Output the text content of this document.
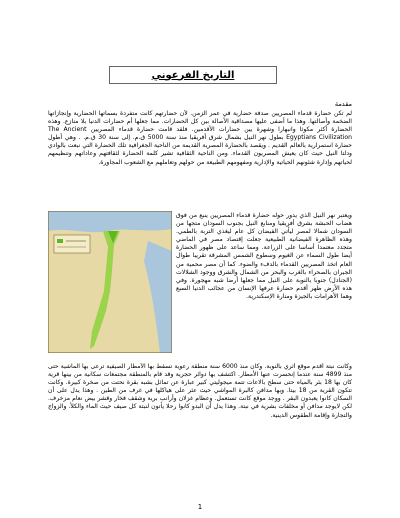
التاريخ الفرعوني

مقدمة

لم تكن حضارة قدماء المصريين صدفة حضارية في عمر الزمن. لأن حضارتهم كانت متفردة بسماتها الحضارية وإنجازاتها الضخمة وأصالتها. وهذا ما أضفى عليها مصداقية الأصالة بين كل الحضارات. مما جعلها أم حضارات الدنيا بلا منازع. وهذه الحضارة أكثر مكوثا وانبهارا وشهرة بين حضارات الأقدمين. فلقد قامت حضارة قدماء المصريين The Ancient Egyptians Civilization بطول نهر النيل بشمال شرق أفريقيا منذ سنة 5000 ق.م. إلى سنة 30 ق.م. . وهي أطول حضارة استمرارية بالعالم القديم . ويقصد بالحضارة المصرية القديمة من الناحية الجغرافية تلك الحضارة التي نبعت بالوادي ودلتا النيل حيث كان يعيش المصريون القدماء. ومن الناحية الثقافية تشير كلمة الحضارة لثقافتهم وعاداتهم وتنظيمهم لحياتهم وإدارة شئونهم الحياتية والإدارية ومفهومهم الطبيعة من حولهم وتعاملهم مع الشعوب المجاورة.

ويعتبر نهر النيل الذي يدور حوله حضارة قدماء المصريين ينبع من فوق هضاب الحبشة بشرق أفريقيا ومنابع النيل بجنوب السودان متجها من السودان شمالا لمصر ليأتي الفيضان كل عام ليغذي التربة بالطمي. وهذه الظاهرة الفيضانية الطبيعية جعلت إقتصاد مصر في الماضي متجدد معتمدا أساسا على الزراعة. ومما ساعد على ظهور الحضارة أيضا طول السماء عن الغيوم وسطوع الشمس المشرقة تقريبا طوال العام اتخذ المصريين القدماء بالدفء والضوء. كما أن مصر محمية من الجيران بالصحراء بالغرب والبحر من الشمال والشرق ووجود الشلالات (الجنادل) جنوبا بالنوبة على النيل مما جعلها أرضا شبه مهجورة. وفي هذه الأرض ظهر أقدم حضارة عرفها الإنسان من عجائب الدنيا السبع وهما الأهرامات بالجيزة ومنارة الإسكندرية.

وكانت نبتة أقدم موقع أثري بالنوبة. وكان منذ 6000 سنة منطقة رعوية تسقط بها الأمطار الصيفية ترعى بها الماشية حتى منذ 4899 سنة عندما إنحسرت عنها الأمطار. اكتشف بها دوائر حجرية وقد قام بالمنطقة مجتمعات سكانية من بينها قرية كان بها 18 بئر بالمياه حتى سطح بالاعات تتمة ميجوليتي كبير عبارة عن تماثل بشبه بقرة نحتت من صخرة كبيرة. وكانت تتكون القرية من 18 بيتا. وبها مدافن كالبرة المواشي حيث عثر على هياكلها في غرف من الطين . وهذا يدل على أن السكان كانوا يعبدون البقر . ووجد موقع كانت تستعمل. وعظام غزلان وأرانب برية وشقف فخار وقشر بيض نعام مزخرف. لكن لايوجد مدافن أو مخلفات بشرية في نبتة. وهذا يدل أن البدو كانوا رحلا يأتون لنبتة كل صيف حيث الماء والكلأ. والزواج والتجارة وإقامة الطقوس الدينية.

1
